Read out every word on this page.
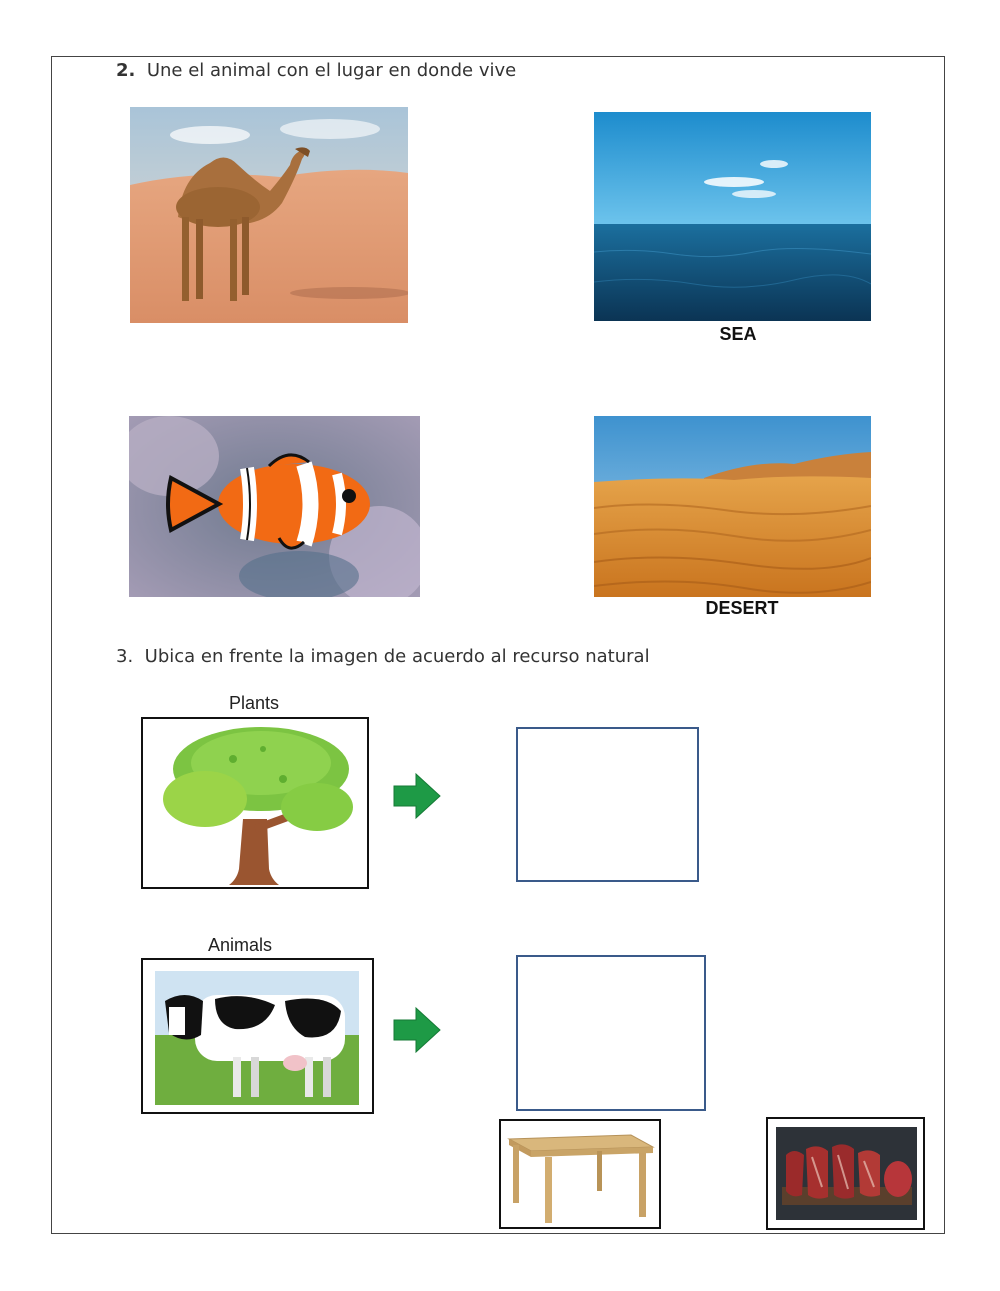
2. Une el animal con el lugar en donde vive
SEA
DESERT
3. Ubica en frente la imagen de acuerdo al recurso natural
Plants
Animals
